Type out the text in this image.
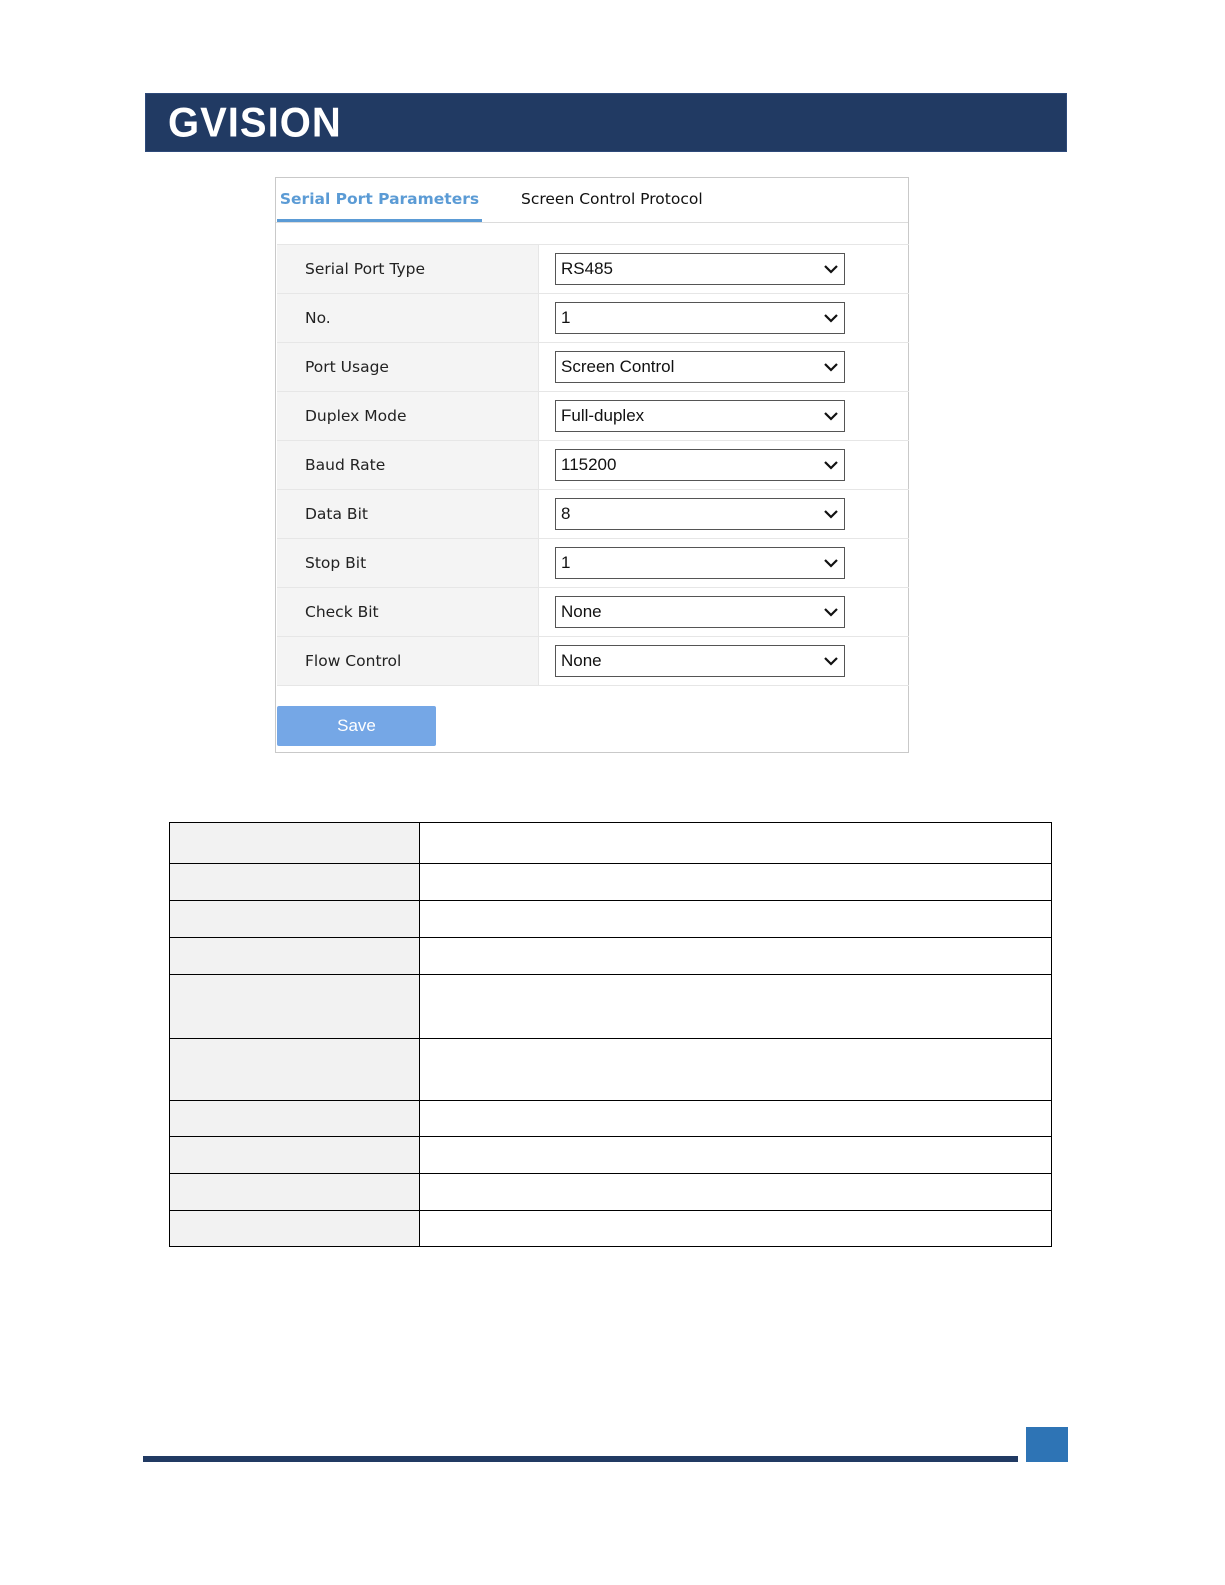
GVISION
Serial Port Parameters	Screen Control Protocol
Serial Port Type	RS485
No.	1
Port Usage	Screen Control
Duplex Mode	Full-duplex
Baud Rate	115200
Data Bit	8
Stop Bit	1
Check Bit	None
Flow Control	None
Save
